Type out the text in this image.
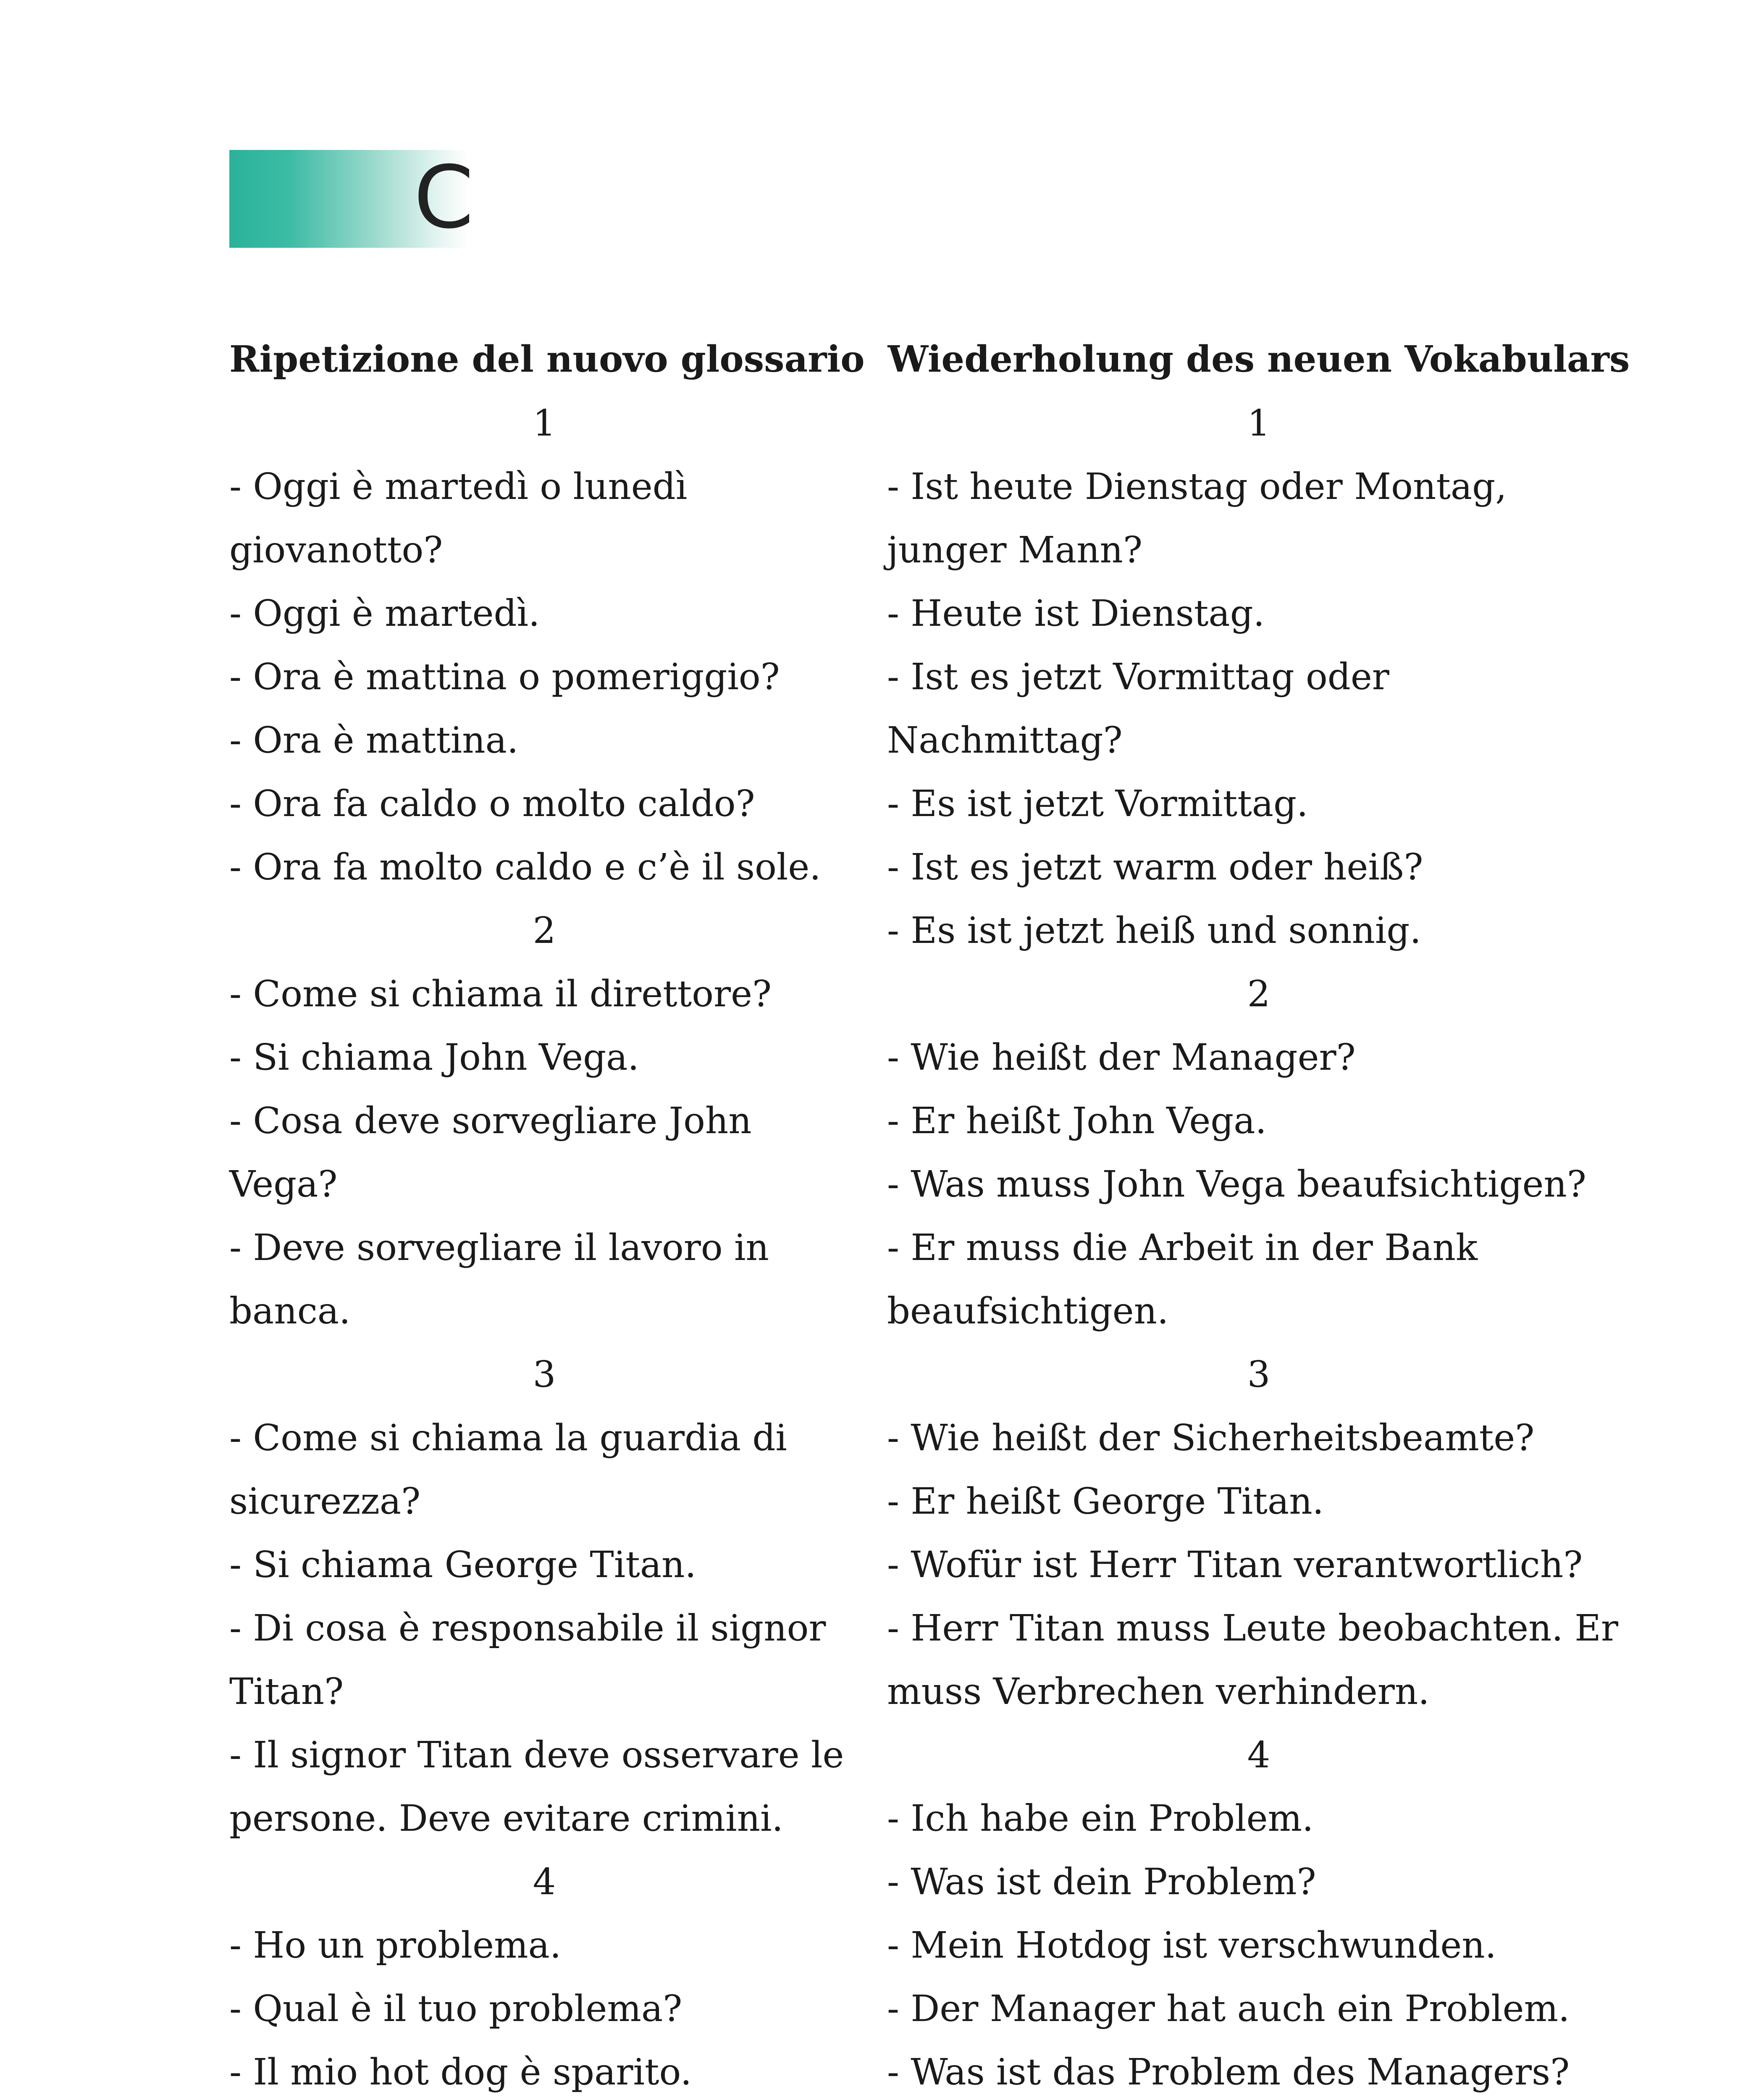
C
Ripetizione del nuovo glossario
1
- Oggi è martedì o lunedì giovanotto?
- Oggi è martedì.
- Ora è mattina o pomeriggio?
- Ora è mattina.
- Ora fa caldo o molto caldo?
- Ora fa molto caldo e c’è il sole.
2
- Come si chiama il direttore?
- Si chiama John Vega.
- Cosa deve sorvegliare John Vega?
- Deve sorvegliare il lavoro in banca.
3
- Come si chiama la guardia di sicurezza?
- Si chiama George Titan.
- Di cosa è responsabile il signor Titan?
- Il signor Titan deve osservare le persone. Deve evitare crimini.
4
- Ho un problema.
- Qual è il tuo problema?
- Il mio hot dog è sparito.
Wiederholung des neuen Vokabulars
1
- Ist heute Dienstag oder Montag, junger Mann?
- Heute ist Dienstag.
- Ist es jetzt Vormittag oder Nachmittag?
- Es ist jetzt Vormittag.
- Ist es jetzt warm oder heiß?
- Es ist jetzt heiß und sonnig.
2
- Wie heißt der Manager?
- Er heißt John Vega.
- Was muss John Vega beaufsichtigen?
- Er muss die Arbeit in der Bank beaufsichtigen.
3
- Wie heißt der Sicherheitsbeamte?
- Er heißt George Titan.
- Wofür ist Herr Titan verantwortlich?
- Herr Titan muss Leute beobachten. Er muss Verbrechen verhindern.
4
- Ich habe ein Problem.
- Was ist dein Problem?
- Mein Hotdog ist verschwunden.
- Der Manager hat auch ein Problem.
- Was ist das Problem des Managers?
